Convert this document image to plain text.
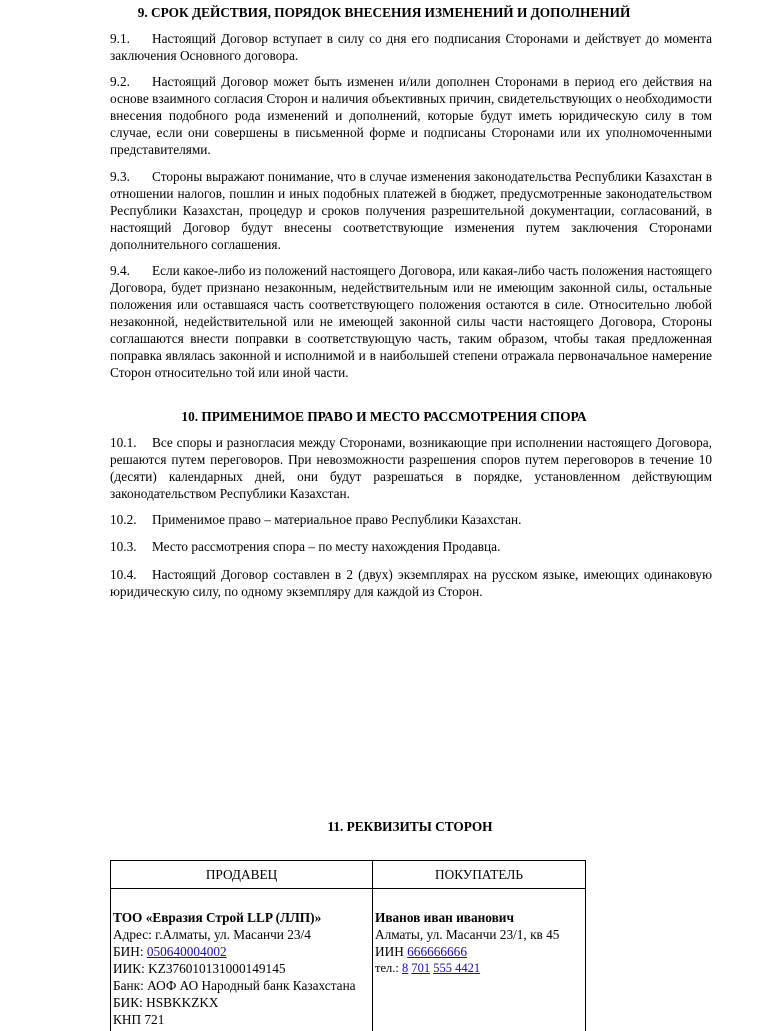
9. СРОК ДЕЙСТВИЯ, ПОРЯДОК ВНЕСЕНИЯ ИЗМЕНЕНИЙ И ДОПОЛНЕНИЙ
9.1. Настоящий Договор вступает в силу со дня его подписания Сторонами и действует до момента заключения Основного договора.
9.2. Настоящий Договор может быть изменен и/или дополнен Сторонами в период его действия на основе взаимного согласия Сторон и наличия объективных причин, свидетельствующих о необходимости внесения подобного рода изменений и дополнений, которые будут иметь юридическую силу в том случае, если они совершены в письменной форме и подписаны Сторонами или их уполномоченными представителями.
9.3. Стороны выражают понимание, что в случае изменения законодательства Республики Казахстан в отношении налогов, пошлин и иных подобных платежей в бюджет, предусмотренные законодательством Республики Казахстан, процедур и сроков получения разрешительной документации, согласований, в настоящий Договор будут внесены соответствующие изменения путем заключения Сторонами дополнительного соглашения.
9.4. Если какое-либо из положений настоящего Договора, или какая-либо часть положения настоящего Договора, будет признано незаконным, недействительным или не имеющим законной силы, остальные положения или оставшаяся часть соответствующего положения остаются в силе. Относительно любой незаконной, недействительной или не имеющей законной силы части настоящего Договора, Стороны соглашаются внести поправки в соответствующую часть, таким образом, чтобы такая предложенная поправка являлась законной и исполнимой и в наибольшей степени отражала первоначальное намерение Сторон относительно той или иной части.
10. ПРИМЕНИМОЕ ПРАВО И МЕСТО РАССМОТРЕНИЯ СПОРА
10.1. Все споры и разногласия между Сторонами, возникающие при исполнении настоящего Договора, решаются путем переговоров. При невозможности разрешения споров путем переговоров в течение 10 (десяти) календарных дней, они будут разрешаться в порядке, установленном действующим законодательством Республики Казахстан.
10.2. Применимое право – материальное право Республики Казахстан.
10.3. Место рассмотрения спора – по месту нахождения Продавца.
10.4. Настоящий Договор составлен в 2 (двух) экземплярах на русском языке, имеющих одинаковую юридическую силу, по одному экземпляру для каждой из Сторон.
11. РЕКВИЗИТЫ СТОРОН
ПРОДАВЕЦ	ПОКУПАТЕЛЬ
ТОО «Евразия Строй LLP (ЛЛП)»
Адрес: г.Алматы, ул. Масанчи 23/4
БИН: 050640004002
ИИК: KZ376010131000149145
Банк: АОФ АО Народный банк Казахстана
БИК: HSBKKZKX
КНП 721
Иванов иван иванович
Алматы, ул. Масанчи 23/1, кв 45
ИИН 666666666
тел.: 8 701 555 4421
